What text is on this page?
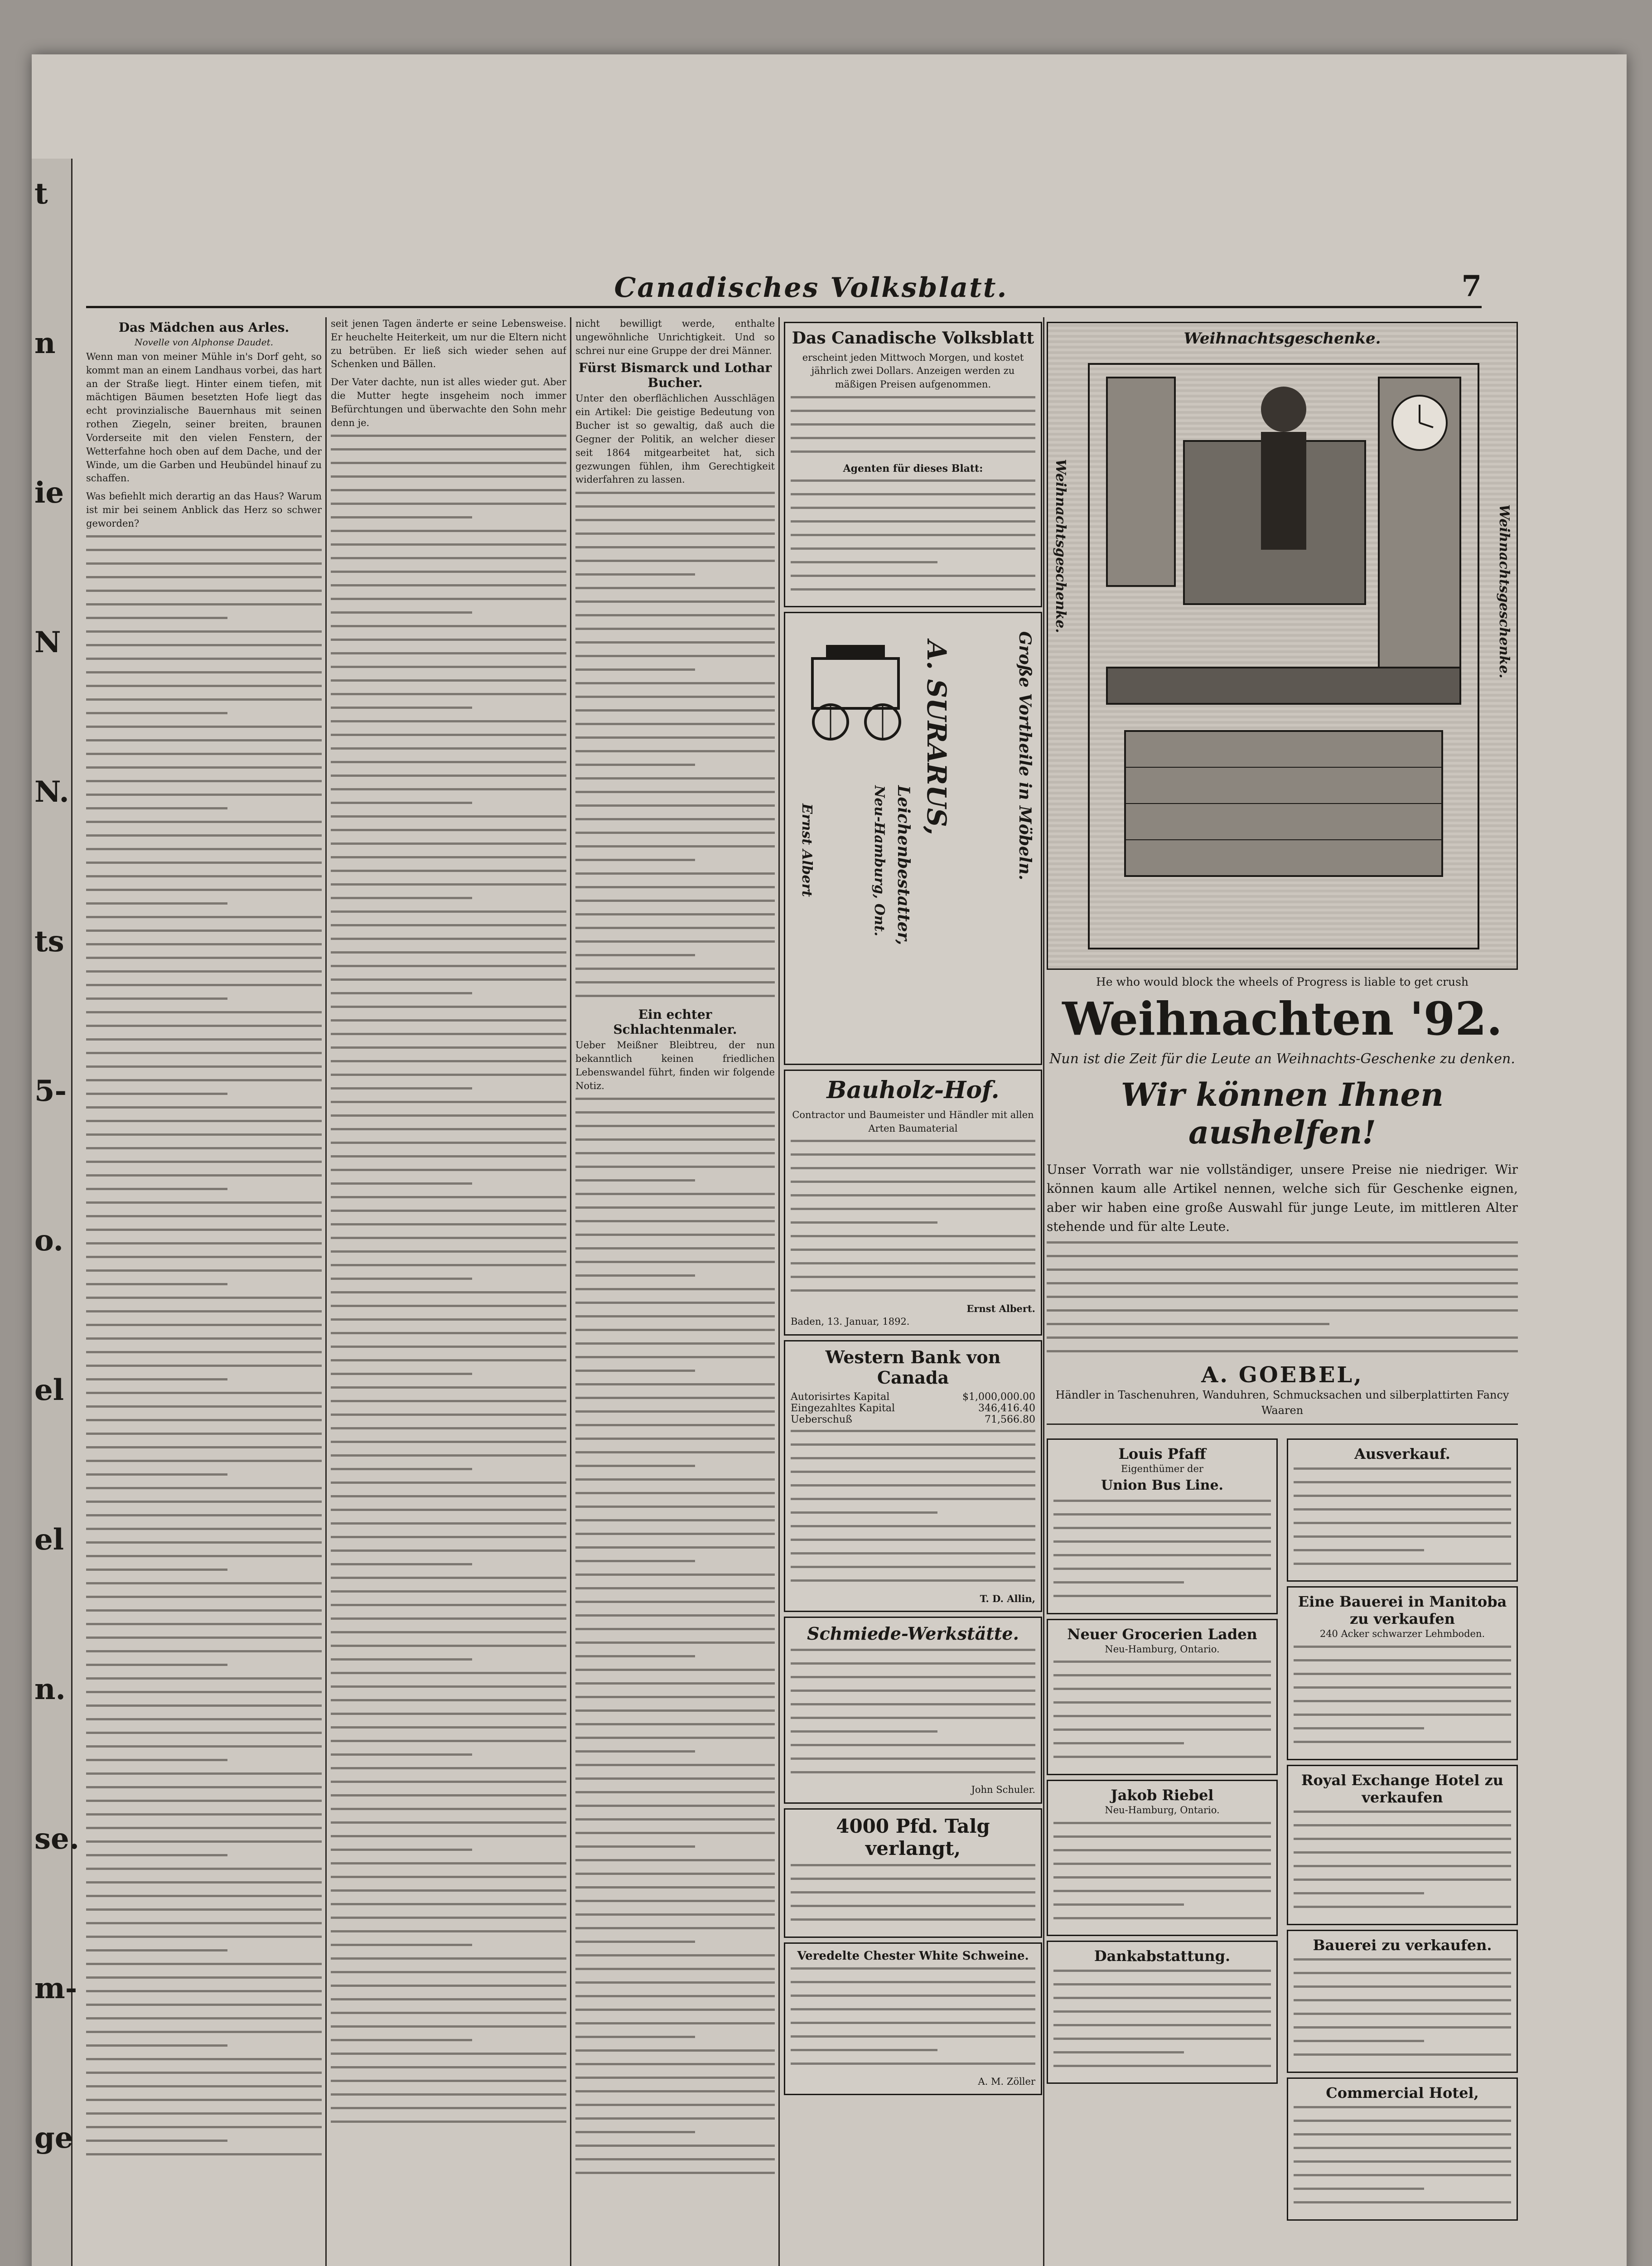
t
n
ie
N
N.
ts
5-
o.
el
el
n.
se.
m-
ge
Canadisches Volksblatt.	7
Das Mädchen aus Arles.
Novelle von Alphonse Daudet.

Wenn man von meiner Mühle in's Dorf geht, so kommt man an einem Landhaus vorbei, das hart an der Straße liegt. Hinter einem tiefen, mit mächtigen Bäumen besetzten Hofe liegt das echt provinzialische Bauernhaus mit seinen rothen Ziegeln, seiner breiten, braunen Vorderseite mit den vielen Fenstern, der Wetterfahne hoch oben auf dem Dache, und der Winde, um die Garben und Heubündel hinauf zu schaffen.

Was befiehlt mich derartig an das Haus? Warum ist mir bei seinem Anblick das Herz so schwer geworden?

seit jenen Tagen änderte er seine Lebensweise. Er heuchelte Heiterkeit, um nur die Eltern nicht zu betrüben. Er ließ sich wieder sehen auf Schenken und Bällen.

Der Vater dachte, nun ist alles wieder gut. Aber die Mutter hegte insgeheim noch immer Befürchtungen und überwachte den Sohn mehr denn je.

nicht bewilligt werde, enthalte ungewöhnliche Unrichtigkeit. Und so schrei nur eine Gruppe der drei Männer.

Fürst Bismarck und Lothar Bucher.

Unter den oberflächlichen Ausschlägen ein Artikel: Die geistige Bedeutung von Bucher ist so gewaltig, daß auch die Gegner der Politik, an welcher dieser seit 1864 mitgearbeitet hat, sich gezwungen fühlen, ihm Gerechtigkeit widerfahren zu lassen.

Ein echter Schlachtenmaler.

Ueber Meißner Bleibtreu, der nun bekanntlich keinen friedlichen Lebenswandel führt, finden wir folgende Notiz.

Das Canadische Volksblatt
erscheint jeden Mittwoch Morgen, und kostet jährlich zwei Dollars. Anzeigen werden zu mäßigen Preisen aufgenommen.
Agenten für dieses Blatt:
Große Vortheile in Möbeln.
A. SURARUS,
Leichenbestatter,
Neu-Hamburg, Ont.
Ernst Albert
Bauholz-Hof.
Contractor und Baumeister und Händler mit allen Arten Baumaterial
Ernst Albert.
Baden, 13. Januar, 1892.
Western Bank von Canada
Autorisirtes Kapital	$1,000,000.00
Eingezahltes Kapital	346,416.40
Ueberschuß	71,566.80
T. D. Allin,
Schmiede-Werkstätte.
John Schuler.
4000 Pfd. Talg verlangt,
Veredelte Chester White Schweine.
A. M. Zöller
Weihnachtsgeschenke.
Weihnachtsgeschenke.	Weihnachtsgeschenke.
He who would block the wheels of Progress is liable to get crush
Weihnachten '92.
Nun ist die Zeit für die Leute an Weihnachts-Geschenke zu denken.
Wir können Ihnen aushelfen!

Unser Vorrath war nie vollständiger, unsere Preise nie niedriger. Wir können kaum alle Artikel nennen, welche sich für Geschenke eignen, aber wir haben eine große Auswahl für junge Leute, im mittleren Alter stehende und für alte Leute.

A. GOEBEL,
Händler in Taschenuhren, Wanduhren, Schmucksachen und silberplattirten Fancy Waaren
Louis Pfaff
Eigenthümer der
Union Bus Line.
Neuer Grocerien Laden
Neu-Hamburg, Ontario.
Jakob Riebel
Neu-Hamburg, Ontario.
Dankabstattung.
Ausverkauf.
Eine Bauerei in Manitoba zu verkaufen
240 Acker schwarzer Lehmboden.
Royal Exchange Hotel zu verkaufen
Bauerei zu verkaufen.
Commercial Hotel,
